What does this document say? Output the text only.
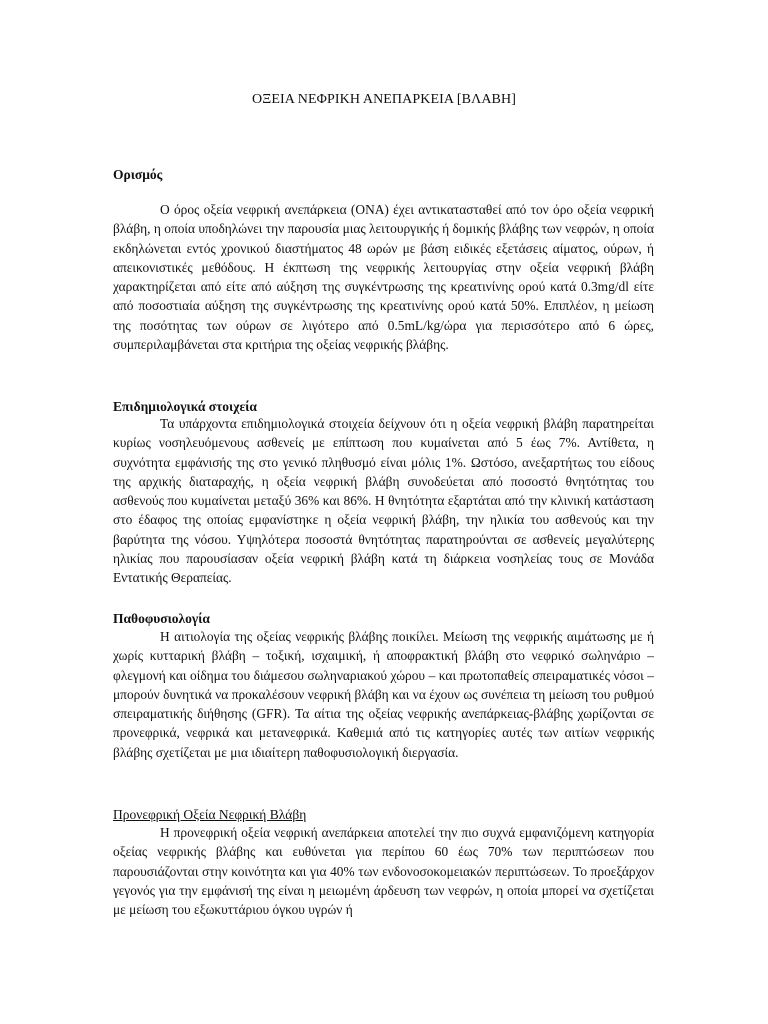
ΟΞΕΙΑ ΝΕΦΡΙΚΗ ΑΝΕΠΑΡΚΕΙΑ [ΒΛΑΒΗ]
Ορισμός
Ο όρος οξεία νεφρική ανεπάρκεια (ΟΝΑ) έχει αντικατασταθεί από τον όρο οξεία νεφρική βλάβη, η οποία υποδηλώνει την παρουσία μιας λειτουργικής ή δομικής βλάβης των νεφρών, η οποία εκδηλώνεται εντός χρονικού διαστήματος 48 ωρών με βάση ειδικές εξετάσεις αίματος, ούρων, ή απεικονιστικές μεθόδους. Η έκπτωση της νεφρικής λειτουργίας στην οξεία νεφρική βλάβη χαρακτηρίζεται από είτε από αύξηση της συγκέντρωσης της κρεατινίνης ορού κατά 0.3mg/dl είτε από ποσοστιαία αύξηση της συγκέντρωσης της κρεατινίνης ορού κατά 50%. Επιπλέον, η μείωση της ποσότητας των ούρων σε λιγότερο από 0.5mL/kg/ώρα για περισσότερο από 6 ώρες, συμπεριλαμβάνεται στα κριτήρια της οξείας νεφρικής βλάβης.
Επιδημιολογικά στοιχεία
Τα υπάρχοντα επιδημιολογικά στοιχεία δείχνουν ότι η οξεία νεφρική βλάβη παρατηρείται κυρίως νοσηλευόμενους ασθενείς με επίπτωση που κυμαίνεται από 5 έως 7%. Αντίθετα, η συχνότητα εμφάνισής της στο γενικό πληθυσμό είναι μόλις 1%. Ωστόσο, ανεξαρτήτως του είδους της αρχικής διαταραχής, η οξεία νεφρική βλάβη συνοδεύεται από ποσοστό θνητότητας του ασθενούς που κυμαίνεται μεταξύ 36% και 86%. Η θνητότητα εξαρτάται από την κλινική κατάσταση στο έδαφος της οποίας εμφανίστηκε η οξεία νεφρική βλάβη, την ηλικία του ασθενούς και την βαρύτητα της νόσου. Υψηλότερα ποσοστά θνητότητας παρατηρούνται σε ασθενείς μεγαλύτερης ηλικίας που παρουσίασαν οξεία νεφρική βλάβη κατά τη διάρκεια νοσηλείας τους σε Μονάδα Εντατικής Θεραπείας.
Παθοφυσιολογία
Η αιτιολογία της οξείας νεφρικής βλάβης ποικίλει. Μείωση της νεφρικής αιμάτωσης με ή χωρίς κυτταρική βλάβη – τοξική, ισχαιμική, ή αποφρακτική βλάβη στο νεφρικό σωληνάριο – φλεγμονή και οίδημα του διάμεσου σωληναριακού χώρου – και πρωτοπαθείς σπειραματικές νόσοι – μπορούν δυνητικά να προκαλέσουν νεφρική βλάβη και να έχουν ως συνέπεια τη μείωση του ρυθμού σπειραματικής διήθησης (GFR). Τα αίτια της οξείας νεφρικής ανεπάρκειας-βλάβης χωρίζονται σε προνεφρικά, νεφρικά και μετανεφρικά. Καθεμιά από τις κατηγορίες αυτές των αιτίων νεφρικής βλάβης σχετίζεται με μια ιδιαίτερη παθοφυσιολογική διεργασία.
Προνεφρική Οξεία Νεφρική Βλάβη
Η προνεφρική οξεία νεφρική ανεπάρκεια αποτελεί την πιο συχνά εμφανιζόμενη κατηγορία οξείας νεφρικής βλάβης και ευθύνεται για περίπου 60 έως 70% των περιπτώσεων που παρουσιάζονται στην κοινότητα και για 40% των ενδονοσοκομειακών περιπτώσεων. Το προεξάρχον γεγονός για την εμφάνισή της είναι η μειωμένη άρδευση των νεφρών, η οποία μπορεί να σχετίζεται με μείωση του εξωκυττάριου όγκου υγρών ή
